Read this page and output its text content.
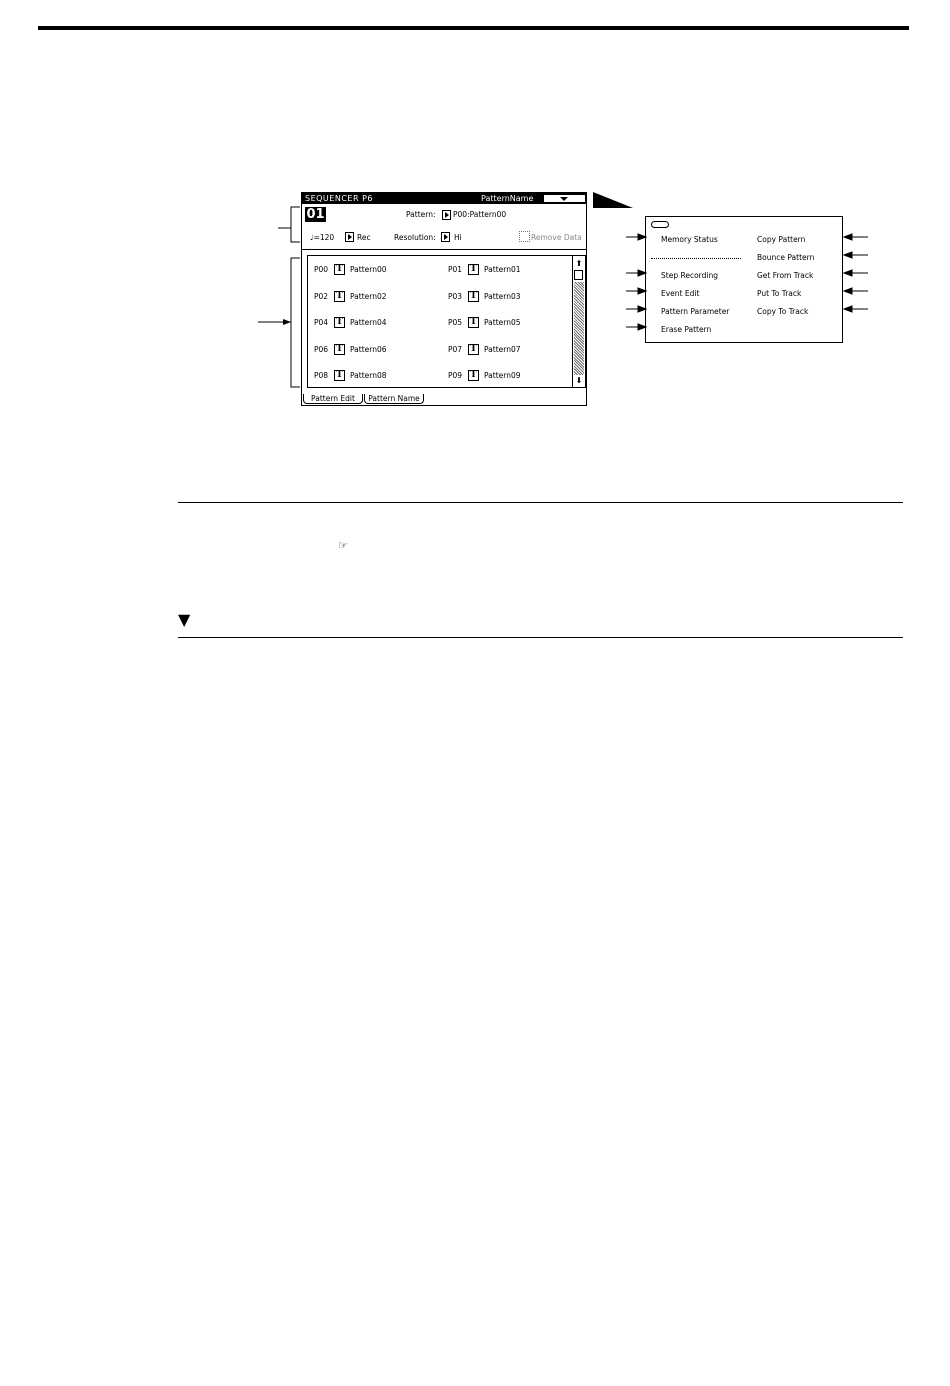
SEQUENCER P6	PatternName
01	Pattern: P00:Pattern00
♩=120	Rec	Resolution: Hi	Remove Data
P00 T Pattern00	P01 T Pattern01
P02 T Pattern02	P03 T Pattern03
P04 T Pattern04	P05 T Pattern05
P06 T Pattern06	P07 T Pattern07
P08 T Pattern08	P09 T Pattern09
⬆
⬇
Pattern Edit	Pattern Name
Memory Status
Step Recording
Event Edit
Pattern Parameter
Erase Pattern
Copy Pattern
Bounce Pattern
Get From Track
Put To Track
Copy To Track
☞
▼
